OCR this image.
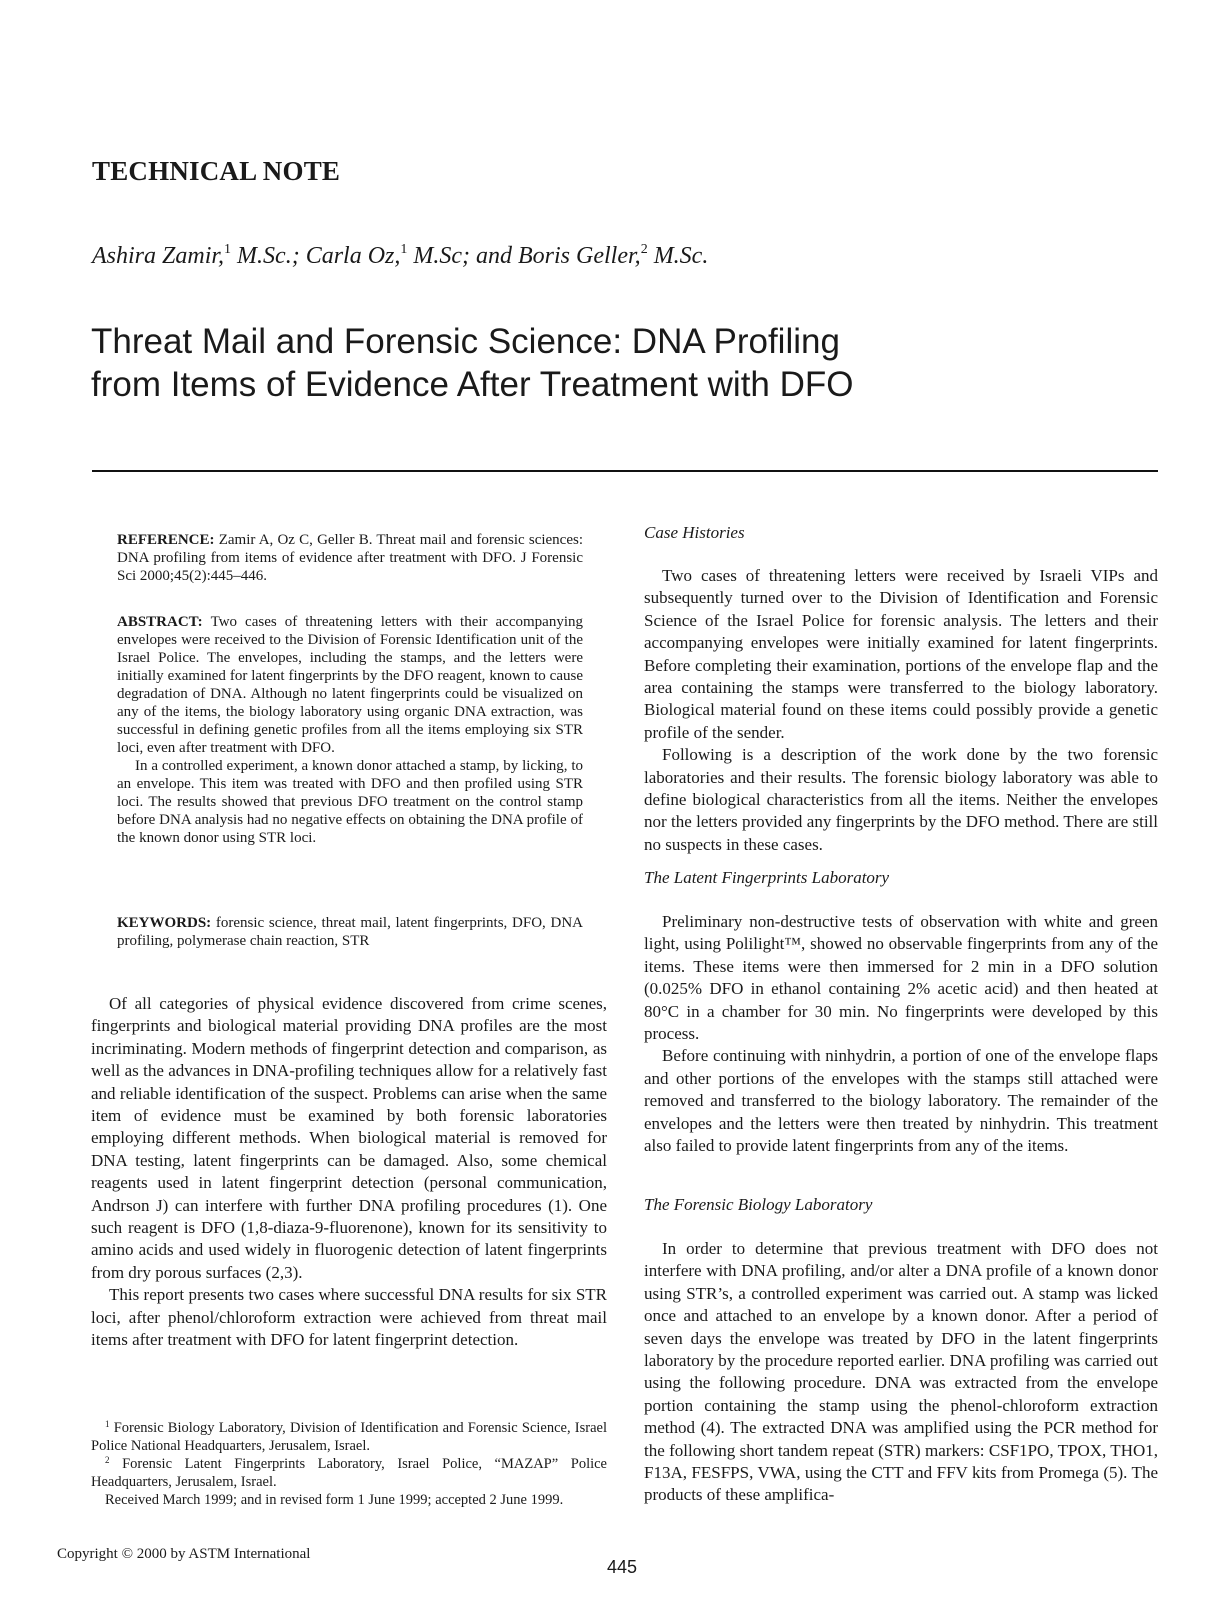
TECHNICAL NOTE
Ashira Zamir,$^1$ M.Sc.; Carla Oz,$^1$ M.Sc; and Boris Geller,$^2$ M.Sc.
Threat Mail and Forensic Science: DNA Profiling
from Items of Evidence After Treatment with DFO

REFERENCE: Zamir A, Oz C, Geller B. Threat mail and forensic sciences: DNA profiling from items of evidence after treatment with DFO. J Forensic Sci 2000;45(2):445–446.

ABSTRACT: Two cases of threatening letters with their accompanying envelopes were received to the Division of Forensic Identification unit of the Israel Police. The envelopes, including the stamps, and the letters were initially examined for latent fingerprints by the DFO reagent, known to cause degradation of DNA. Although no latent fingerprints could be visualized on any of the items, the biology laboratory using organic DNA extraction, was successful in defining genetic profiles from all the items employing six STR loci, even after treatment with DFO.

In a controlled experiment, a known donor attached a stamp, by licking, to an envelope. This item was treated with DFO and then profiled using STR loci. The results showed that previous DFO treatment on the control stamp before DNA analysis had no negative effects on obtaining the DNA profile of the known donor using STR loci.

KEYWORDS: forensic science, threat mail, latent fingerprints, DFO, DNA profiling, polymerase chain reaction, STR

Of all categories of physical evidence discovered from crime scenes, fingerprints and biological material providing DNA profiles are the most incriminating. Modern methods of fingerprint detection and comparison, as well as the advances in DNA-profiling techniques allow for a relatively fast and reliable identification of the suspect. Problems can arise when the same item of evidence must be examined by both forensic laboratories employing different methods. When biological material is removed for DNA testing, latent fingerprints can be damaged. Also, some chemical reagents used in latent fingerprint detection (personal communication, Andrson J) can interfere with further DNA profiling procedures (1). One such reagent is DFO (1,8-diaza-9-fluorenone), known for its sensitivity to amino acids and used widely in fluorogenic detection of latent fingerprints from dry porous surfaces (2,3).

This report presents two cases where successful DNA results for six STR loci, after phenol/chloroform extraction were achieved from threat mail items after treatment with DFO for latent fingerprint detection.

$^1$ Forensic Biology Laboratory, Division of Identification and Forensic Science, Israel Police National Headquarters, Jerusalem, Israel.

$^2$ Forensic Latent Fingerprints Laboratory, Israel Police, “MAZAP” Police Headquarters, Jerusalem, Israel.

Received March 1999; and in revised form 1 June 1999; accepted 2 June 1999.

Case Histories

Two cases of threatening letters were received by Israeli VIPs and subsequently turned over to the Division of Identification and Forensic Science of the Israel Police for forensic analysis. The letters and their accompanying envelopes were initially examined for latent fingerprints. Before completing their examination, portions of the envelope flap and the area containing the stamps were transferred to the biology laboratory. Biological material found on these items could possibly provide a genetic profile of the sender.

Following is a description of the work done by the two forensic laboratories and their results. The forensic biology laboratory was able to define biological characteristics from all the items. Neither the envelopes nor the letters provided any fingerprints by the DFO method. There are still no suspects in these cases.

The Latent Fingerprints Laboratory

Preliminary non-destructive tests of observation with white and green light, using Polilight™, showed no observable fingerprints from any of the items. These items were then immersed for 2 min in a DFO solution (0.025% DFO in ethanol containing 2% acetic acid) and then heated at 80°C in a chamber for 30 min. No fingerprints were developed by this process.

Before continuing with ninhydrin, a portion of one of the envelope flaps and other portions of the envelopes with the stamps still attached were removed and transferred to the biology laboratory. The remainder of the envelopes and the letters were then treated by ninhydrin. This treatment also failed to provide latent fingerprints from any of the items.

The Forensic Biology Laboratory

In order to determine that previous treatment with DFO does not interfere with DNA profiling, and/or alter a DNA profile of a known donor using STR’s, a controlled experiment was carried out. A stamp was licked once and attached to an envelope by a known donor. After a period of seven days the envelope was treated by DFO in the latent fingerprints laboratory by the procedure reported earlier. DNA profiling was carried out using the following procedure. DNA was extracted from the envelope portion containing the stamp using the phenol-chloroform extraction method (4). The extracted DNA was amplified using the PCR method for the following short tandem repeat (STR) markers: CSF1PO, TPOX, THO1, F13A, FESFPS, VWA, using the CTT and FFV kits from Promega (5). The products of these amplifica-

Copyright © 2000 by ASTM International
445
